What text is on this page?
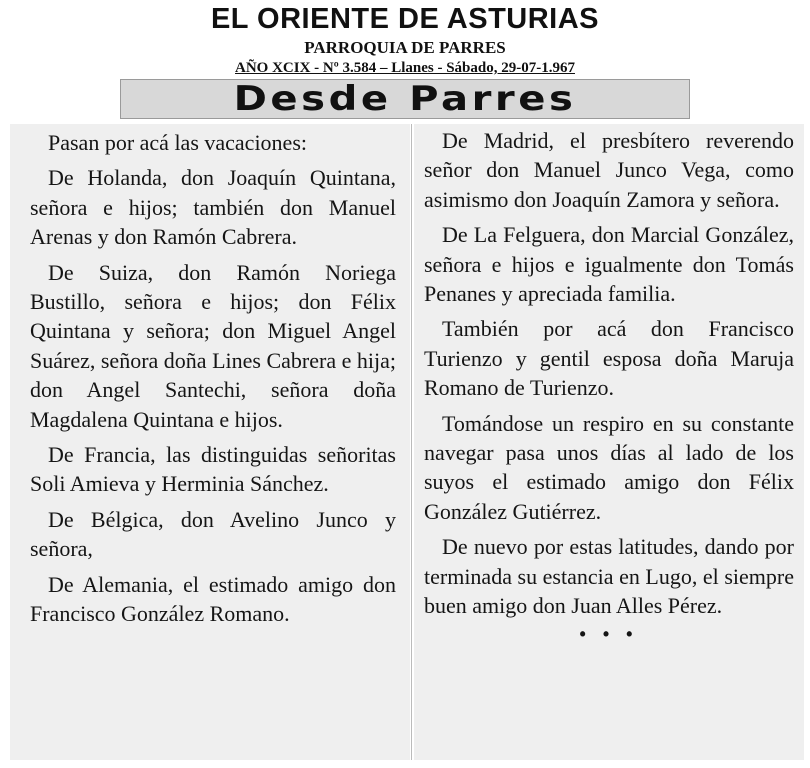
EL ORIENTE DE ASTURIAS
PARROQUIA DE PARRES
AÑO XCIX - Nº 3.584 – Llanes - Sábado, 29-07-1.967
Desde Parres

Pasan por acá las vacaciones:

De Holanda, don Joaquín Quintana, señora e hijos; también don Manuel Arenas y don Ramón Cabrera.

De Suiza, don Ramón Noriega Bustillo, señora e hijos; don Félix Quintana y señora; don Miguel Angel Suárez, señora doña Lines Cabrera e hija; don Angel Santechi, señora doña Magdalena Quintana e hijos.

De Francia, las distinguidas señoritas Soli Amieva y Herminia Sánchez.

De Bélgica, don Avelino Junco y señora,

De Alemania, el estimado amigo don Francisco González Romano.

De Madrid, el presbítero reverendo señor don Manuel Junco Vega, como asimismo don Joaquín Zamora y señora.

De La Felguera, don Marcial González, señora e hijos e igualmente don Tomás Penanes y apreciada familia.

También por acá don Francisco Turienzo y gentil esposa doña Maruja Romano de Turienzo.

Tomándose un respiro en su constante navegar pasa unos días al lado de los suyos el estimado amigo don Félix González Gutiérrez.

De nuevo por estas latitudes, dando por terminada su estancia en Lugo, el siempre buen amigo don Juan Alles Pérez.

• • •
